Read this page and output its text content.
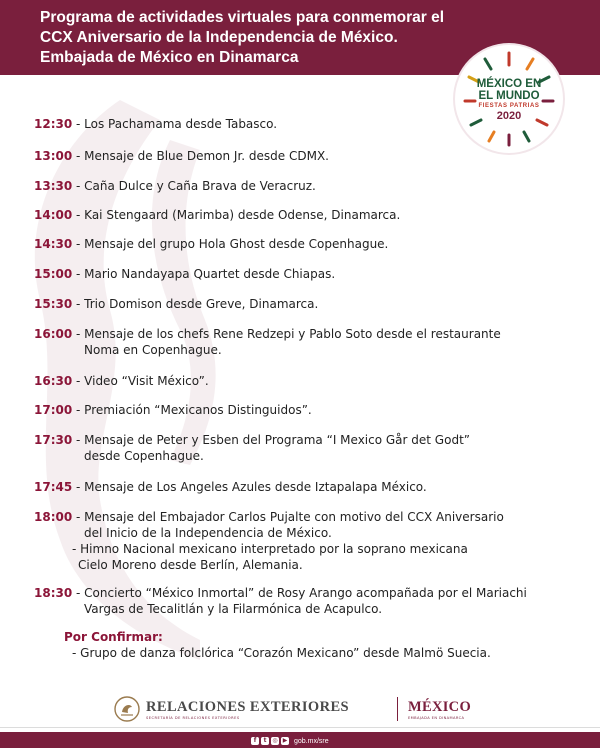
Programa de actividades virtuales para conmemorar el
CCX Aniversario de la Independencia de México.
Embajada de México en Dinamarca
MÉXICO EN
EL MUNDO
FIESTAS PATRIAS
2020
12:30 - Los Pachamama desde Tabasco.
13:00 - Mensaje de Blue Demon Jr. desde CDMX.
13:30 - Caña Dulce y Caña Brava de Veracruz.
14:00 - Kai Stengaard (Marimba) desde Odense, Dinamarca.
14:30 - Mensaje del grupo Hola Ghost desde Copenhague.
15:00 - Mario Nandayapa Quartet desde Chiapas.
15:30 - Trio Domison desde Greve, Dinamarca.
16:00 - Mensaje de los chefs Rene Redzepi y Pablo Soto desde el restaurante
Noma en Copenhague.
16:30 - Video “Visit México”.
17:00 - Premiación “Mexicanos Distinguidos”.
17:30 - Mensaje de Peter y Esben del Programa “I Mexico Går det Godt”
desde Copenhague.
17:45 - Mensaje de Los Angeles Azules desde Iztapalapa México.
18:00 - Mensaje del Embajador Carlos Pujalte con motivo del CCX Aniversario
del Inicio de la Independencia de México.
- Himno Nacional mexicano interpretado por la soprano mexicana
Cielo Moreno desde Berlín, Alemania.
18:30 - Concierto “México Inmortal” de Rosy Arango acompañada por el Mariachi
Vargas de Tecalitlán y la Filarmónica de Acapulco.
Por Confirmar:
- Grupo de danza folclórica “Corazón Mexicano” desde Malmö Suecia.
RELACIONES EXTERIORES
SECRETARÍA DE RELACIONES EXTERIORES
MÉXICO
EMBAJADA EN DINAMARCA
f	t ◎ ▶ gob.mx/sre
